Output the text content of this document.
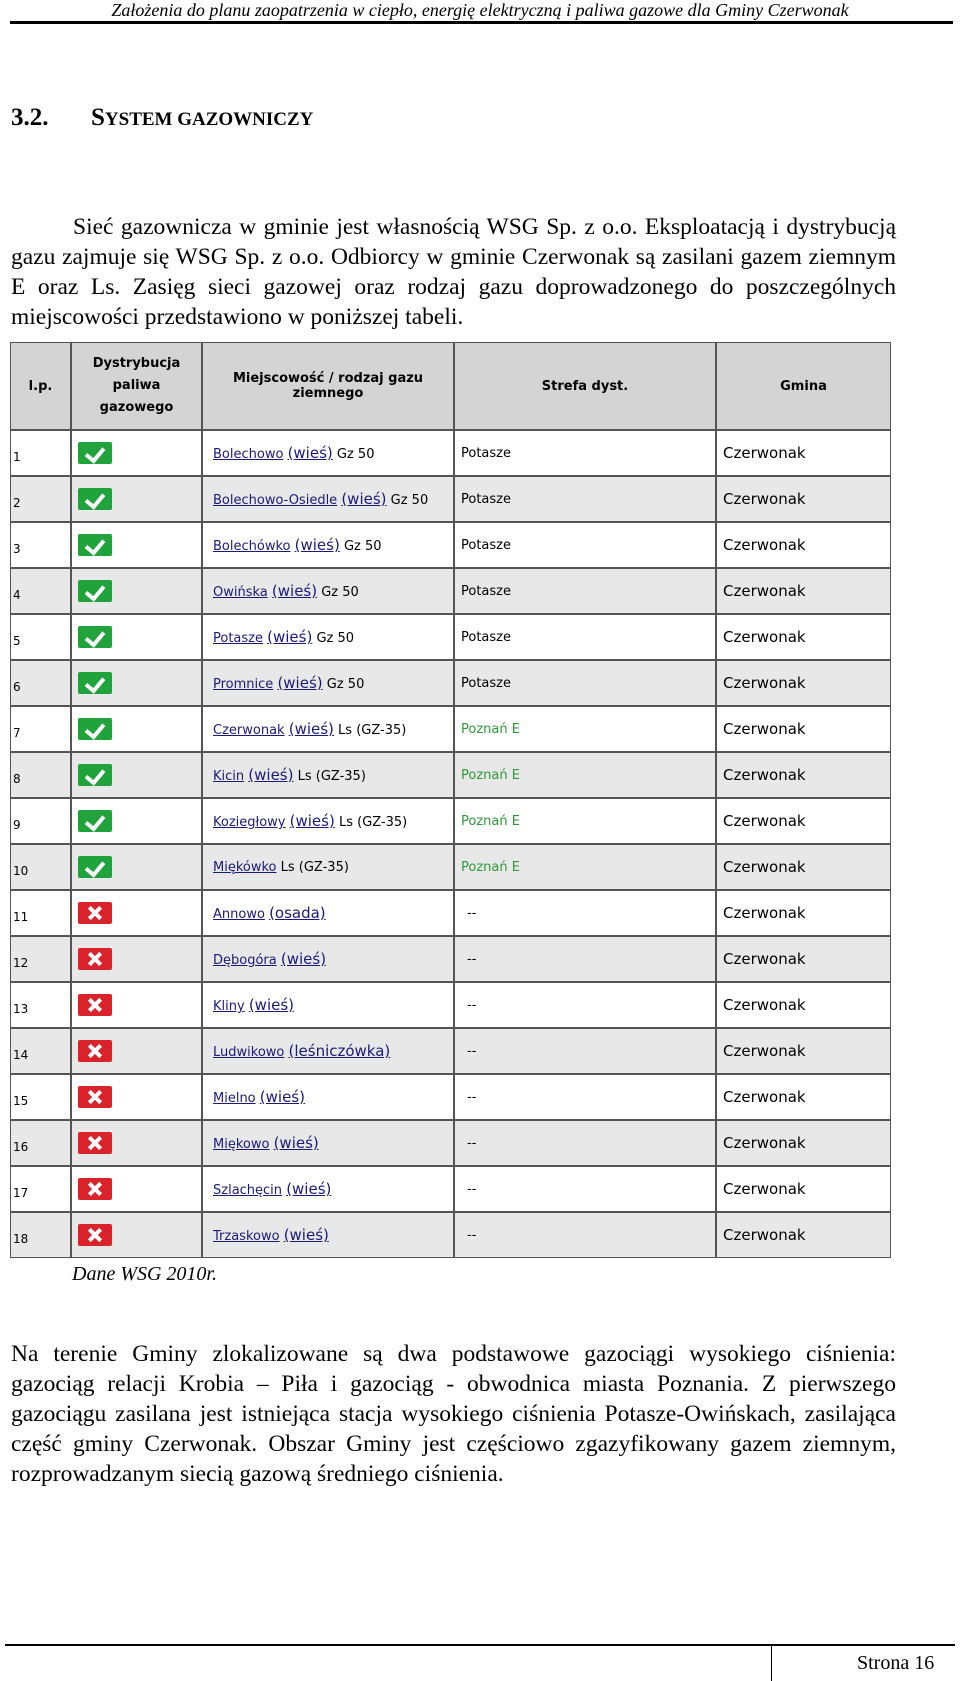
Założenia do planu zaopatrzenia w ciepło, energię elektryczną i paliwa gazowe dla Gminy Czerwonak
3.2. SYSTEM GAZOWNICZY

Sieć gazownicza w gminie jest własnością WSG Sp. z o.o. Eksploatacją i dystrybucją gazu zajmuje się WSG Sp. z o.o. Odbiorcy w gminie Czerwonak są zasilani gazem ziemnym E oraz Ls. Zasięg sieci gazowej oraz rodzaj gazu doprowadzonego do poszczególnych miejscowości przedstawiono w poniższej tabeli.

l.p.	Dystrybucja paliwa gazowego	Miejscowość / rodzaj gazu ziemnego	Strefa dyst.	Gmina
1		Bolechowo (wieś) Gz 50	Potasze	Czerwonak
2		Bolechowo-Osiedle (wieś) Gz 50	Potasze	Czerwonak
3		Bolechówko (wieś) Gz 50	Potasze	Czerwonak
4		Owińska (wieś) Gz 50	Potasze	Czerwonak
5		Potasze (wieś) Gz 50	Potasze	Czerwonak
6		Promnice (wieś) Gz 50	Potasze	Czerwonak
7		Czerwonak (wieś) Ls (GZ-35)	Poznań E	Czerwonak
8		Kicin (wieś) Ls (GZ-35)	Poznań E	Czerwonak
9		Koziegłowy (wieś) Ls (GZ-35)	Poznań E	Czerwonak
10		Miękówko Ls (GZ-35)	Poznań E	Czerwonak
11		Annowo (osada)	--	Czerwonak
12		Dębogóra (wieś)	--	Czerwonak
13		Kliny (wieś)	--	Czerwonak
14		Ludwikowo (leśniczówka)	--	Czerwonak
15		Mielno (wieś)	--	Czerwonak
16		Miękowo (wieś)	--	Czerwonak
17		Szlachęcin (wieś)	--	Czerwonak
18		Trzaskowo (wieś)	--	Czerwonak
Dane WSG 2010r.

Na terenie Gminy zlokalizowane są dwa podstawowe gazociągi wysokiego ciśnienia: gazociąg relacji Krobia – Piła i gazociąg - obwodnica miasta Poznania. Z pierwszego gazociągu zasilana jest istniejąca stacja wysokiego ciśnienia Potasze-Owińskach, zasilająca część gminy Czerwonak. Obszar Gminy jest częściowo zgazyfikowany gazem ziemnym, rozprowadzanym siecią gazową średniego ciśnienia.

Strona 16
